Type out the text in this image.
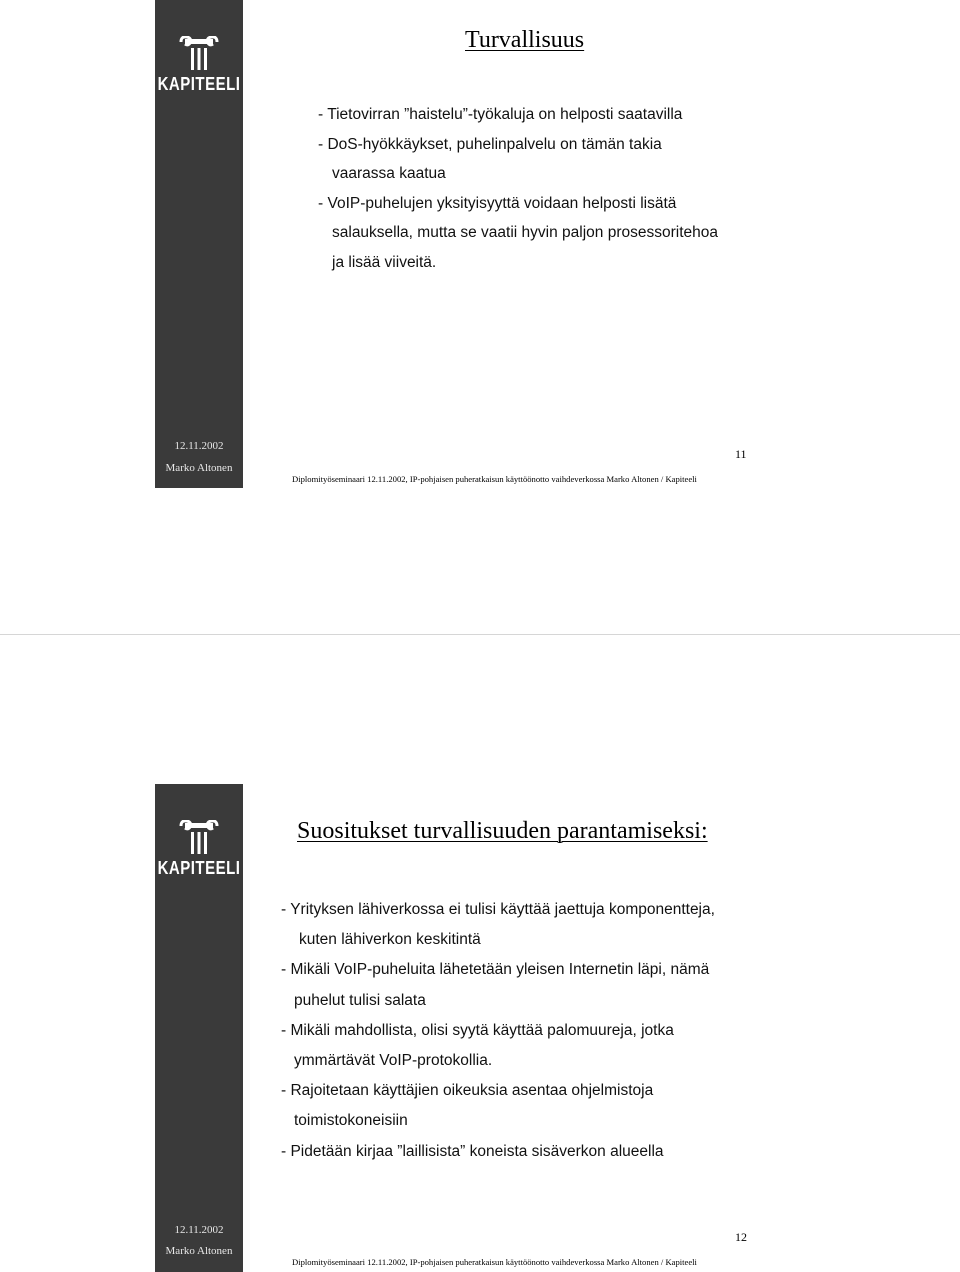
KAPITEELI
12.11.2002
Marko Altonen
Turvallisuus
- Tietovirran ”haistelu”-työkaluja on helposti saatavilla
- DoS-hyökkäykset, puhelinpalvelu on tämän takia
vaarassa kaatua
- VoIP-puhelujen yksityisyyttä voidaan helposti lisätä
salauksella, mutta se vaatii hyvin paljon prosessoritehoa
ja lisää viiveitä.
11
Diplomityöseminaari 12.11.2002, IP-pohjaisen puheratkaisun käyttöönotto vaihdeverkossa Marko Altonen / Kapiteeli
KAPITEELI
12.11.2002
Marko Altonen
Suositukset turvallisuuden parantamiseksi:
- Yrityksen lähiverkossa ei tulisi käyttää jaettuja komponentteja,
kuten lähiverkon keskitintä
- Mikäli VoIP-puheluita lähetetään yleisen Internetin läpi, nämä
puhelut tulisi salata
- Mikäli mahdollista, olisi syytä käyttää palomuureja, jotka
ymmärtävät VoIP-protokollia.
- Rajoitetaan käyttäjien oikeuksia asentaa ohjelmistoja
toimistokoneisiin
- Pidetään kirjaa ”laillisista” koneista sisäverkon alueella
12
Diplomityöseminaari 12.11.2002, IP-pohjaisen puheratkaisun käyttöönotto vaihdeverkossa Marko Altonen / Kapiteeli
